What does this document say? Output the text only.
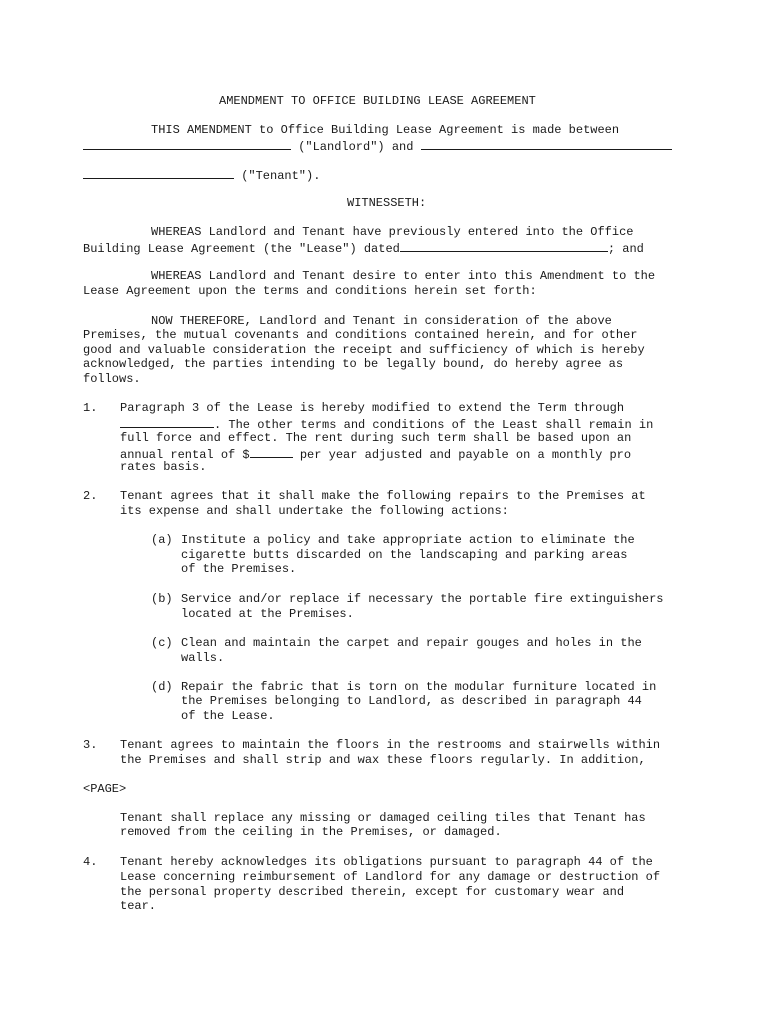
AMENDMENT TO OFFICE BUILDING LEASE AGREEMENT
THIS AMENDMENT to Office Building Lease Agreement is made between
("Landlord") and
("Tenant").
WITNESSETH:
WHEREAS Landlord and Tenant have previously entered into the Office
Building Lease Agreement (the "Lease") dated	; and
WHEREAS Landlord and Tenant desire to enter into this Amendment to the
Lease Agreement upon the terms and conditions herein set forth:
NOW THEREFORE, Landlord and Tenant in consideration of the above
Premises, the mutual covenants and conditions contained herein, and for other
good and valuable consideration the receipt and sufficiency of which is hereby
acknowledged, the parties intending to be legally bound, do hereby agree as
follows.
1. Paragraph 3 of the Lease is hereby modified to extend the Term through
. The other terms and conditions of the Least shall remain in
full force and effect. The rent during such term shall be based upon an
annual rental of $	per year adjusted and payable on a monthly pro
rates basis.
2. Tenant agrees that it shall make the following repairs to the Premises at
its expense and shall undertake the following actions:
(a) Institute a policy and take appropriate action to eliminate the
cigarette butts discarded on the landscaping and parking areas
of the Premises.
(b) Service and/or replace if necessary the portable fire extinguishers
located at the Premises.
(c) Clean and maintain the carpet and repair gouges and holes in the
walls.
(d) Repair the fabric that is torn on the modular furniture located in
the Premises belonging to Landlord, as described in paragraph 44
of the Lease.
3. Tenant agrees to maintain the floors in the restrooms and stairwells within
the Premises and shall strip and wax these floors regularly. In addition,
<PAGE>
Tenant shall replace any missing or damaged ceiling tiles that Tenant has
removed from the ceiling in the Premises, or damaged.
4. Tenant hereby acknowledges its obligations pursuant to paragraph 44 of the
Lease concerning reimbursement of Landlord for any damage or destruction of
the personal property described therein, except for customary wear and
tear.
